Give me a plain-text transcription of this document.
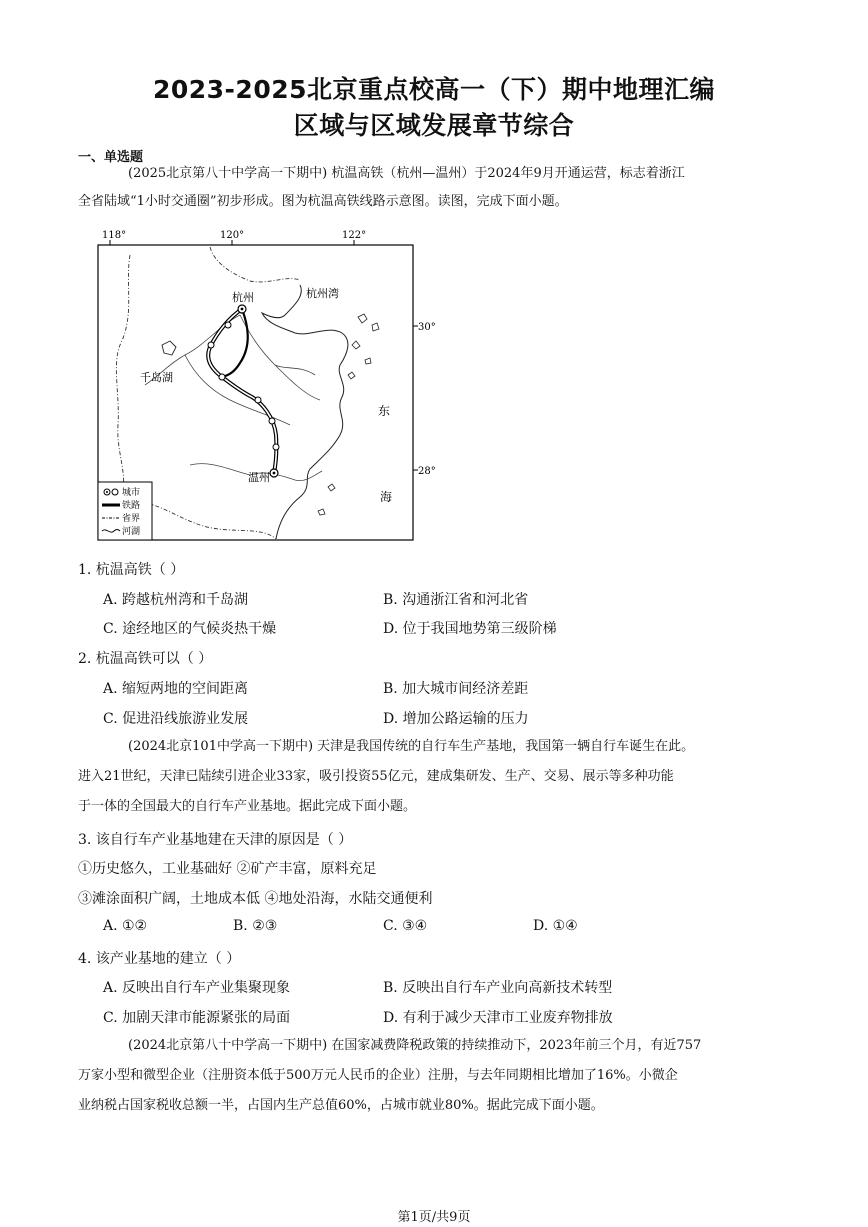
2023-2025北京重点校高一（下）期中地理汇编
区域与区域发展章节综合
一、单选题
(2025北京第八十中学高一下期中) 杭温高铁（杭州—温州）于2024年9月开通运营，标志着浙江
全省陆域“1小时交通圈”初步形成。图为杭温高铁线路示意图。读图，完成下面小题。
118°	120°	122°
30°
28°
杭州	杭州湾
千岛湖
温州
东
海
城市
铁路
省界
河湖
1. 杭温高铁（ ）
A. 跨越杭州湾和千岛湖	B. 沟通浙江省和河北省
C. 途经地区的气候炎热干燥	D. 位于我国地势第三级阶梯
2. 杭温高铁可以（ ）
A. 缩短两地的空间距离	B. 加大城市间经济差距
C. 促进沿线旅游业发展	D. 增加公路运输的压力
(2024北京101中学高一下期中) 天津是我国传统的自行车生产基地，我国第一辆自行车诞生在此。
进入21世纪，天津已陆续引进企业33家，吸引投资55亿元，建成集研发、生产、交易、展示等多种功能
于一体的全国最大的自行车产业基地。据此完成下面小题。
3. 该自行车产业基地建在天津的原因是（ ）
①历史悠久，工业基础好 ②矿产丰富，原料充足
③滩涂面积广阔，土地成本低 ④地处沿海，水陆交通便利
A. ①②	B. ②③	C. ③④	D. ①④
4. 该产业基地的建立（ ）
A. 反映出自行车产业集聚现象	B. 反映出自行车产业向高新技术转型
C. 加剧天津市能源紧张的局面	D. 有利于减少天津市工业废弃物排放
(2024北京第八十中学高一下期中) 在国家减费降税政策的持续推动下，2023年前三个月，有近757
万家小型和微型企业（注册资本低于500万元人民币的企业）注册，与去年同期相比增加了16%。小微企
业纳税占国家税收总额一半，占国内生产总值60%，占城市就业80%。据此完成下面小题。
第1页/共9页
